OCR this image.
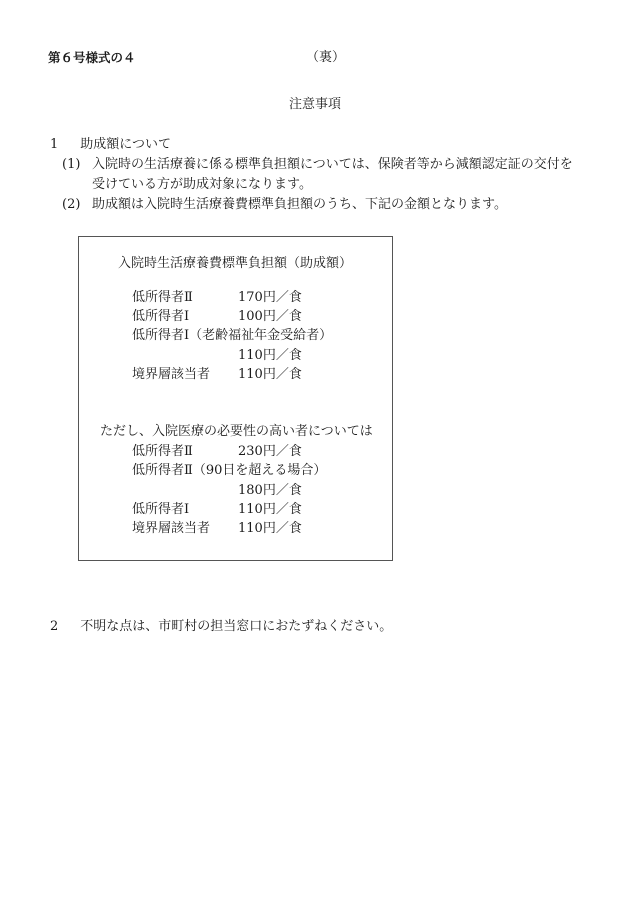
第６号様式の４	（裏）
注意事項
1 助成額について
(1) 入院時の生活療養に係る標準負担額については、保険者等から減額認定証の交付を
受けている方が助成対象になります。
(2) 助成額は入院時生活療養費標準負担額のうち、下記の金額となります。
入院時生活療養費標準負担額（助成額）
低所得者Ⅱ	170円／食
低所得者Ⅰ	100円／食
低所得者Ⅰ（老齢福祉年金受給者）
110円／食
境界層該当者 110円／食
ただし、入院医療の必要性の高い者については
低所得者Ⅱ	230円／食
低所得者Ⅱ（90日を超える場合）
180円／食
低所得者Ⅰ	110円／食
境界層該当者 110円／食
2 不明な点は、市町村の担当窓口におたずねください。
